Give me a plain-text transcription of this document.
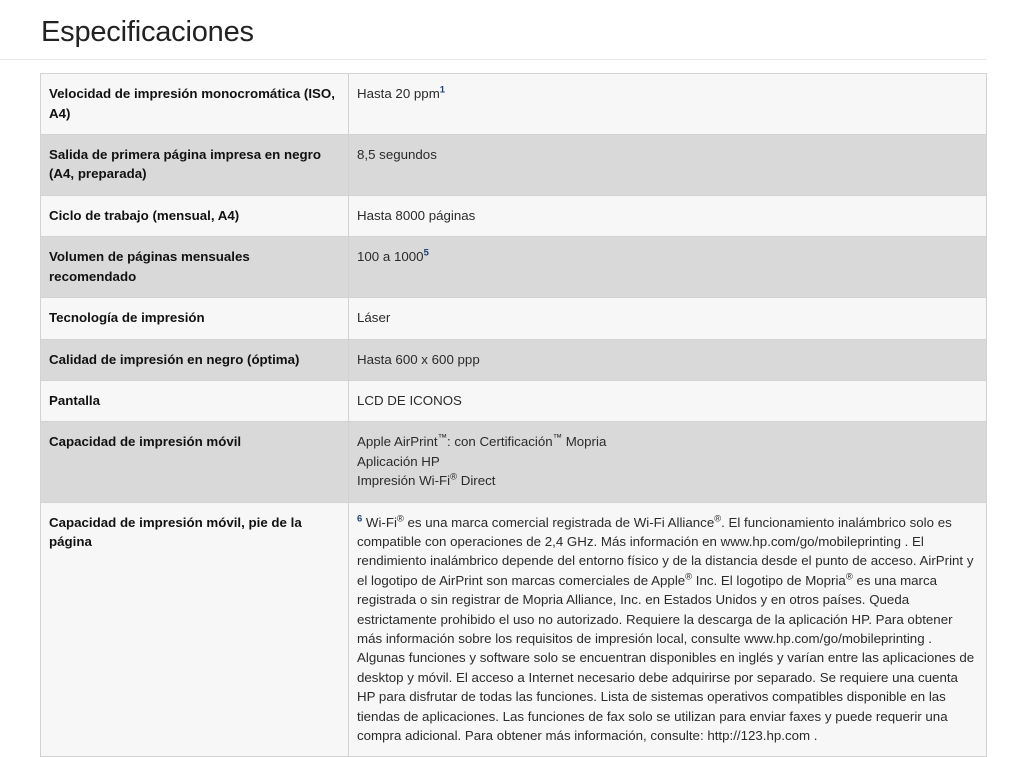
Especificaciones
Velocidad de impresión monocromática (ISO, A4)	Hasta 20 ppm$^1$
Salida de primera página impresa en negro (A4, preparada)	8,5 segundos
Ciclo de trabajo (mensual, A4)	Hasta 8000 páginas
Volumen de páginas mensuales recomendado	100 a 1000$^5$
Tecnología de impresión	Láser
Calidad de impresión en negro (óptima)	Hasta 600 x 600 ppp
Pantalla	LCD DE ICONOS
Capacidad de impresión móvil	Apple AirPrint™: con Certificación™ Mopria
Aplicación HP
Impresión Wi-Fi® Direct

Capacidad de impresión móvil, pie de la página	$^6$ Wi-Fi® es una marca comercial registrada de Wi-Fi Alliance®. El funcionamiento inalámbrico solo es compatible con operaciones de 2,4 GHz. Más información en www.hp.com/go/mobileprinting . El rendimiento inalámbrico depende del entorno físico y de la distancia desde el punto de acceso. AirPrint y el logotipo de AirPrint son marcas comerciales de Apple® Inc. El logotipo de Mopria® es una marca registrada o sin registrar de Mopria Alliance, Inc. en Estados Unidos y en otros países. Queda estrictamente prohibido el uso no autorizado. Requiere la descarga de la aplicación HP. Para obtener más información sobre los requisitos de impresión local, consulte www.hp.com/go/mobileprinting . Algunas funciones y software solo se encuentran disponibles en inglés y varían entre las aplicaciones de desktop y móvil. El acceso a Internet necesario debe adquirirse por separado. Se requiere una cuenta HP para disfrutar de todas las funciones. Lista de sistemas operativos compatibles disponible en las tiendas de aplicaciones. Las funciones de fax solo se utilizan para enviar faxes y puede requerir una compra adicional. Para obtener más información, consulte: http://123.hp.com .
